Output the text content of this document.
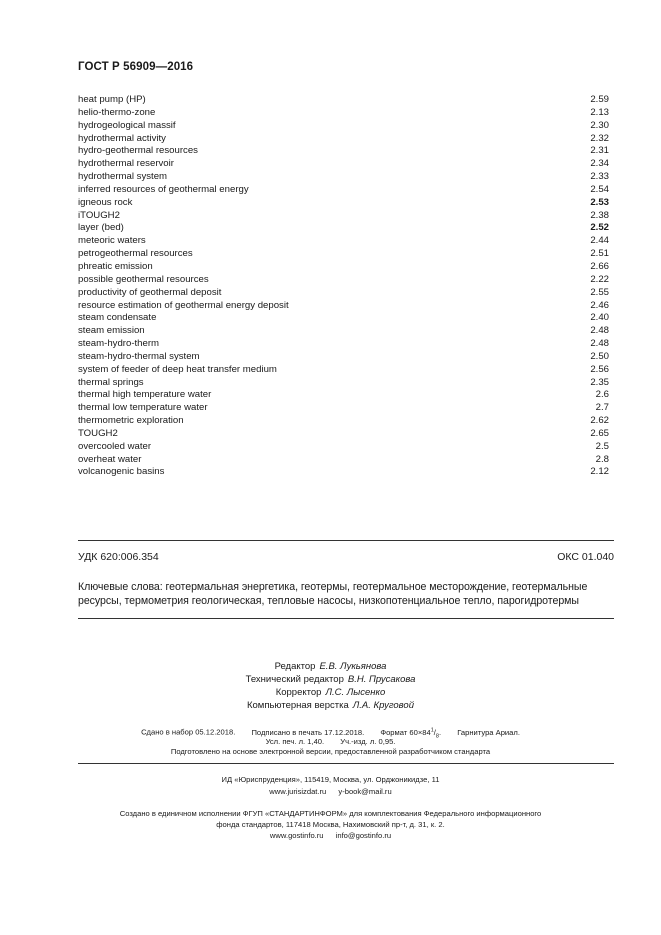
ГОСТ Р 56909—2016
heat pump (HP)	2.59
helio-thermo-zone	2.13
hydrogeological massif	2.30
hydrothermal activity	2.32
hydro-geothermal resources	2.31
hydrothermal reservoir	2.34
hydrothermal system	2.33
inferred resources of geothermal energy	2.54
igneous rock	2.53
iTOUGH2	2.38
layer (bed)	2.52
meteoric waters	2.44
petrogeothermal resources	2.51
phreatic emission	2.66
possible geothermal resources	2.22
productivity of geothermal deposit	2.55
resource estimation of geothermal energy deposit	2.46
steam condensate	2.40
steam emission	2.48
steam-hydro-therm	2.48
steam-hydro-thermal system	2.50
system of feeder of deep heat transfer medium	2.56
thermal springs	2.35
thermal high temperature water	2.6
thermal low temperature water	2.7
thermometric exploration	2.62
TOUGH2	2.65
overcooled water	2.5
overheat water	2.8
volcanogenic basins	2.12
УДК 620:006.354	ОКС 01.040
Ключевые слова: геотермальная энергетика, геотермы, геотермальное месторождение, геотермальные ресурсы, термометрия геологическая, тепловые насосы, низкопотенциальное тепло, парогидротермы
Редактор Е.В. Лукьянова
Технический редактор В.Н. Прусакова
Корректор Л.С. Лысенко
Компьютерная верстка Л.А. Круговой
Сдано в набор 05.12.2018. Подписано в печать 17.12.2018. Формат $60\times 84^1/_8$. Гарнитура Ариал.
Усл. печ. л. 1,40. Уч.-изд. л. 0,95.
Подготовлено на основе электронной версии, предоставленной разработчиком стандарта
ИД «Юриспруденция», 115419, Москва, ул. Орджоникидзе, 11
www.jurisizdat.ru y-book@mail.ru
Создано в единичном исполнении ФГУП «СТАНДАРТИНФОРМ» для комплектования Федерального информационного
фонда стандартов, 117418 Москва, Нахимовский пр-т, д. 31, к. 2.
www.gostinfo.ru info@gostinfo.ru
